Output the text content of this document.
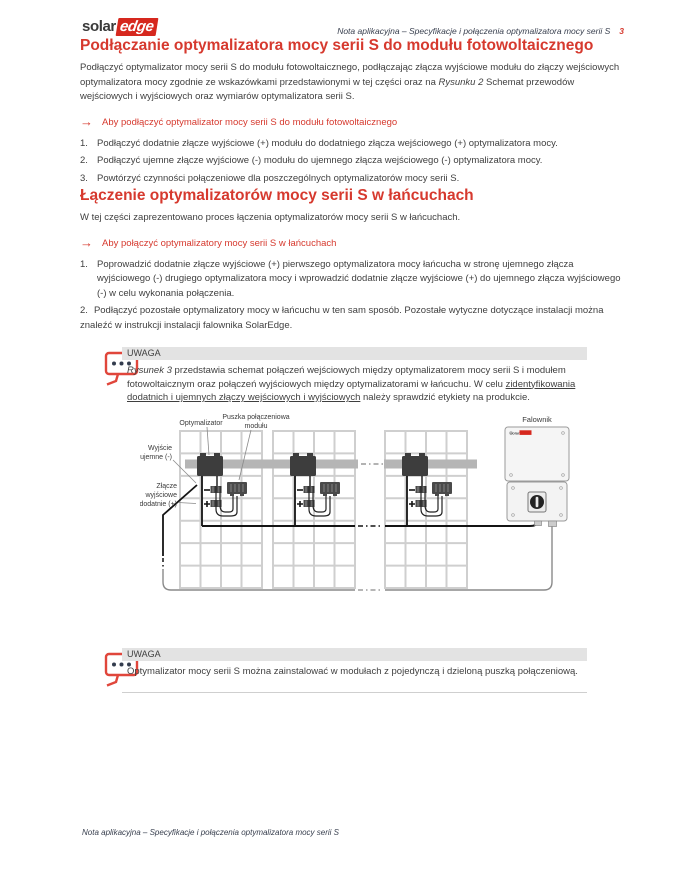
solar edge	Nota aplikacyjna – Specyfikacje i połączenia optymalizatora mocy serii S 3
Podłączanie optymalizatora mocy serii S do modułu fotowoltaicznego
Podłączyć optymalizator mocy serii S do modułu fotowoltaicznego, podłączając złącza wyjściowe modułu do złączy wejściowych optymalizatora mocy zgodnie ze wskazówkami przedstawionymi w tej części oraz na Rysunku 2 Schemat przewodów wejściowych i wyjściowych oraz wymiarów optymalizatora serii S.
→ Aby podłączyć optymalizator mocy serii S do modułu fotowoltaicznego
1. Podłączyć dodatnie złącze wyjściowe (+) modułu do dodatniego złącza wejściowego (+) optymalizatora mocy.
2. Podłączyć ujemne złącze wyjściowe (-) modułu do ujemnego złącza wejściowego (-) optymalizatora mocy.
3. Powtórzyć czynności połączeniowe dla poszczególnych optymalizatorów mocy serii S.
Łączenie optymalizatorów mocy serii S w łańcuchach
W tej części zaprezentowano proces łączenia optymalizatorów mocy serii S w łańcuchach.
→ Aby połączyć optymalizatory mocy serii S w łańcuchach
1. Poprowadzić dodatnie złącze wyjściowe (+) pierwszego optymalizatora mocy łańcucha w stronę ujemnego złącza wyjściowego (-) drugiego optymalizatora mocy i wprowadzić dodatnie złącze wyjściowe (+) do ujemnego złącza wyjściowego (-) w celu wykonania połączenia.
2. Podłączyć pozostałe optymalizatory mocy w łańcuchu w ten sam sposób. Pozostałe wytyczne dotyczące instalacji można znaleźć w instrukcji instalacji falownika SolarEdge.
UWAGA
Rysunek 3 przedstawia schemat połączeń wejściowych między optymalizatorem mocy serii S i modułem fotowoltaicznym oraz połączeń wyjściowych między optymalizatorami w łańcuchu. W celu zidentyfikowania dodatnich i ujemnych złączy wejściowych i wyjściowych należy sprawdzić etykiety na produkcie.
Falownik
solar
Optymalizator
Puszka połączeniowa
modułu
Wyjście
ujemne (-)
Złącze
wyjściowe
dodatnie (+)
UWAGA
Optymalizator mocy serii S można zainstalować w modułach z pojedynczą i dzieloną puszką połączeniową.
Nota aplikacyjna – Specyfikacje i połączenia optymalizatora mocy serii S
